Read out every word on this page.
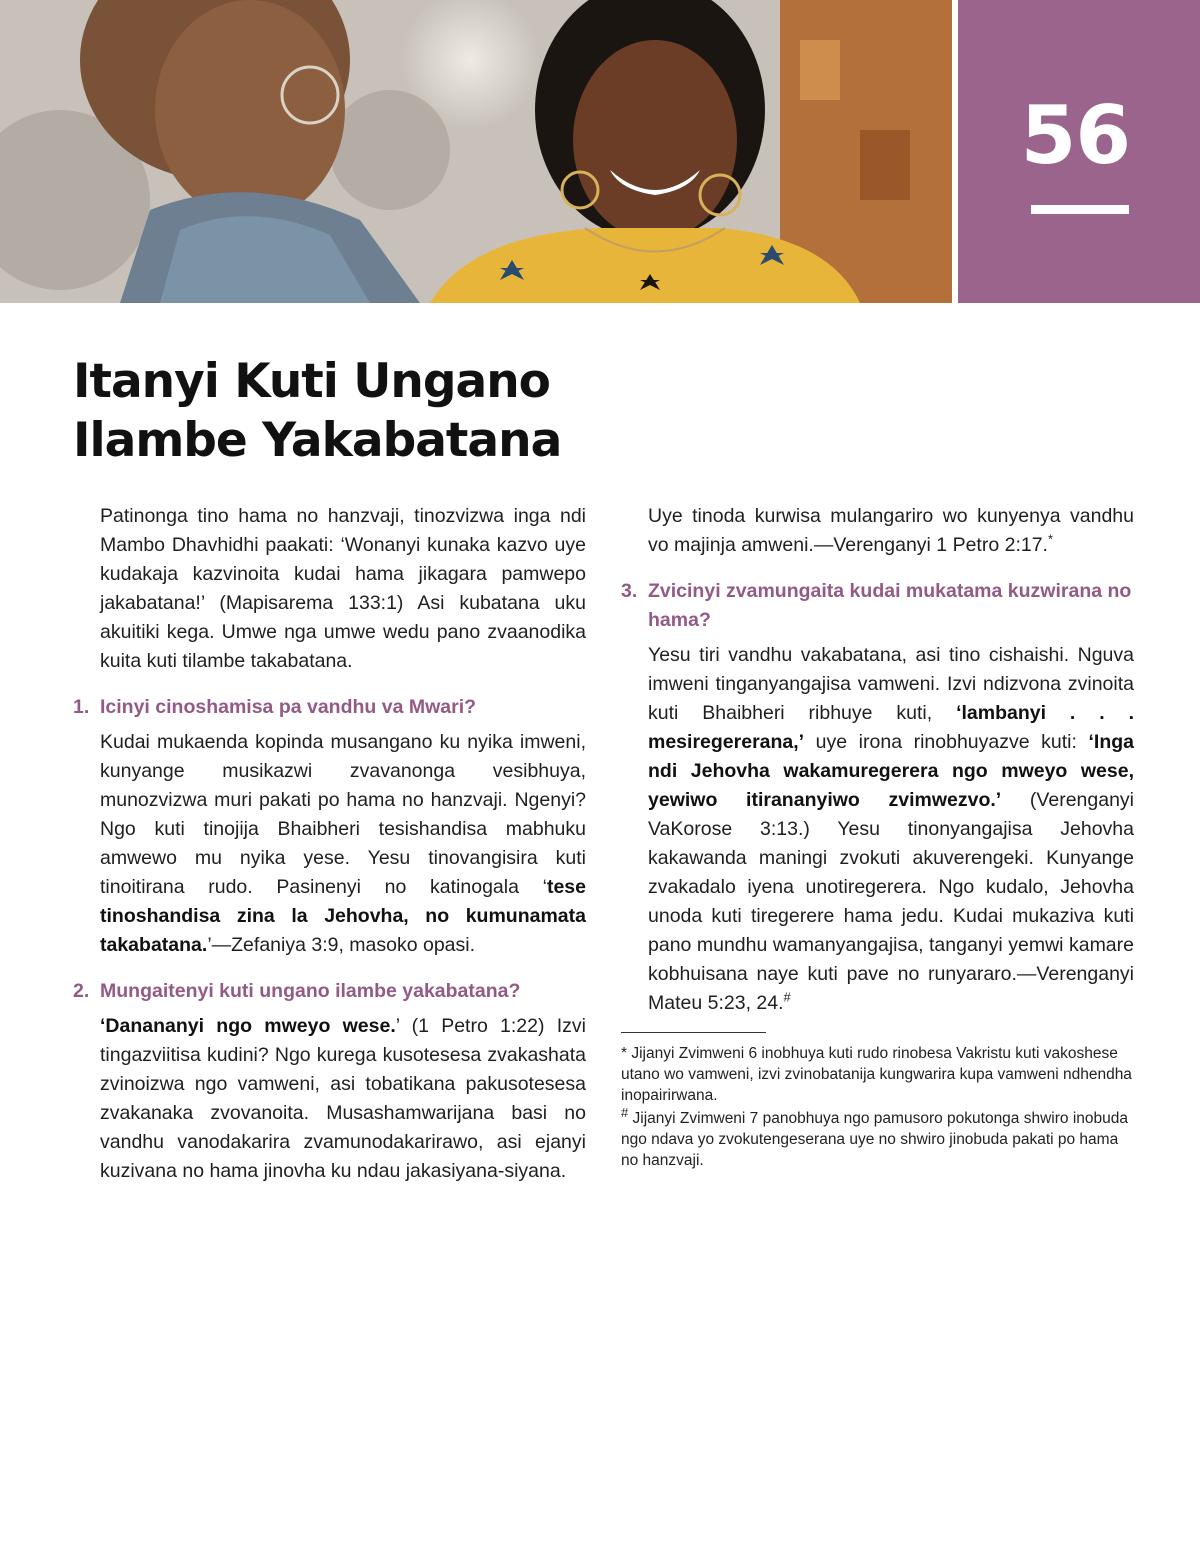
56
Itanyi Kuti Ungano
Ilambe Yakabatana

Patinonga tino hama no hanzvaji, tinozvizwa inga ndi Mambo Dhavhidhi paakati: ‘Wonanyi kunaka kazvo uye kudakaja kazvinoita kudai hama jikagara pamwepo jakabatana!’ (Mapisarema 133:1) Asi kubatana uku akuitiki kega. Umwe nga umwe wedu pano zvaanodika kuita kuti tilambe takabatana.

1. Icinyi cinoshamisa pa vandhu va Mwari?

Kudai mukaenda kopinda musangano ku nyika imweni, kunyange musikazwi zvavanonga vesibhuya, munozvizwa muri pakati po hama no hanzvaji. Ngenyi? Ngo kuti tinojija Bhaibheri tesishandisa mabhuku amwewo mu nyika yese. Yesu tinovangisira kuti tinoitirana rudo. Pasinenyi no katinogala ‘tese tinoshandisa zina la Jehovha, no kumunamata takabatana.’—Zefaniya 3:9, masoko opasi.

2. Mungaitenyi kuti ungano ilambe yakabatana?

‘Danananyi ngo mweyo wese.’ (1 Petro 1:22) Izvi tingazviitisa kudini? Ngo kurega kusotesesa zvakashata zvinoizwa ngo vamweni, asi tobatikana pakusotesesa zvakanaka zvovanoita. Musashamwarijana basi no vandhu vanodakarira zvamunodakarirawo, asi ejanyi kuzivana no hama jinovha ku ndau jakasiyana-siyana.

Uye tinoda kurwisa mulangariro wo kunyenya vandhu vo majinja amweni.—Verenganyi 1 Petro 2:17.*

3. Zvicinyi zvamungaita kudai mukatama kuzwirana no hama?

Yesu tiri vandhu vakabatana, asi tino cishaishi. Nguva imweni tinganyangajisa vamweni. Izvi ndizvona zvinoita kuti Bhaibheri ribhuye kuti, ‘lambanyi . . . mesiregererana,’ uye irona rinobhuyazve kuti: ‘Inga ndi Jehovha wakamuregerera ngo mweyo wese, yewiwo itirananyiwo zvimwezvo.’ (Verenganyi VaKorose 3:13.) Yesu tinonyangajisa Jehovha kakawanda maningi zvokuti akuverengeki. Kunyange zvakadalo iyena unotiregerera. Ngo kudalo, Jehovha unoda kuti tiregerere hama jedu. Kudai mukaziva kuti pano mundhu wamanyangajisa, tanganyi yemwi kamare kobhuisana naye kuti pave no runyararo.—Verenganyi Mateu 5:23, 24.#

* Jijanyi Zvimweni 6 inobhuya kuti rudo rinobesa Vakristu kuti vakoshese utano wo vamweni, izvi zvinobatanija kungwarira kupa vamweni ndhendha inopairirwana.

# Jijanyi Zvimweni 7 panobhuya ngo pamusoro pokutonga shwiro inobuda ngo ndava yo zvokutengeserana uye no shwiro jinobuda pakati po hama no hanzvaji.
